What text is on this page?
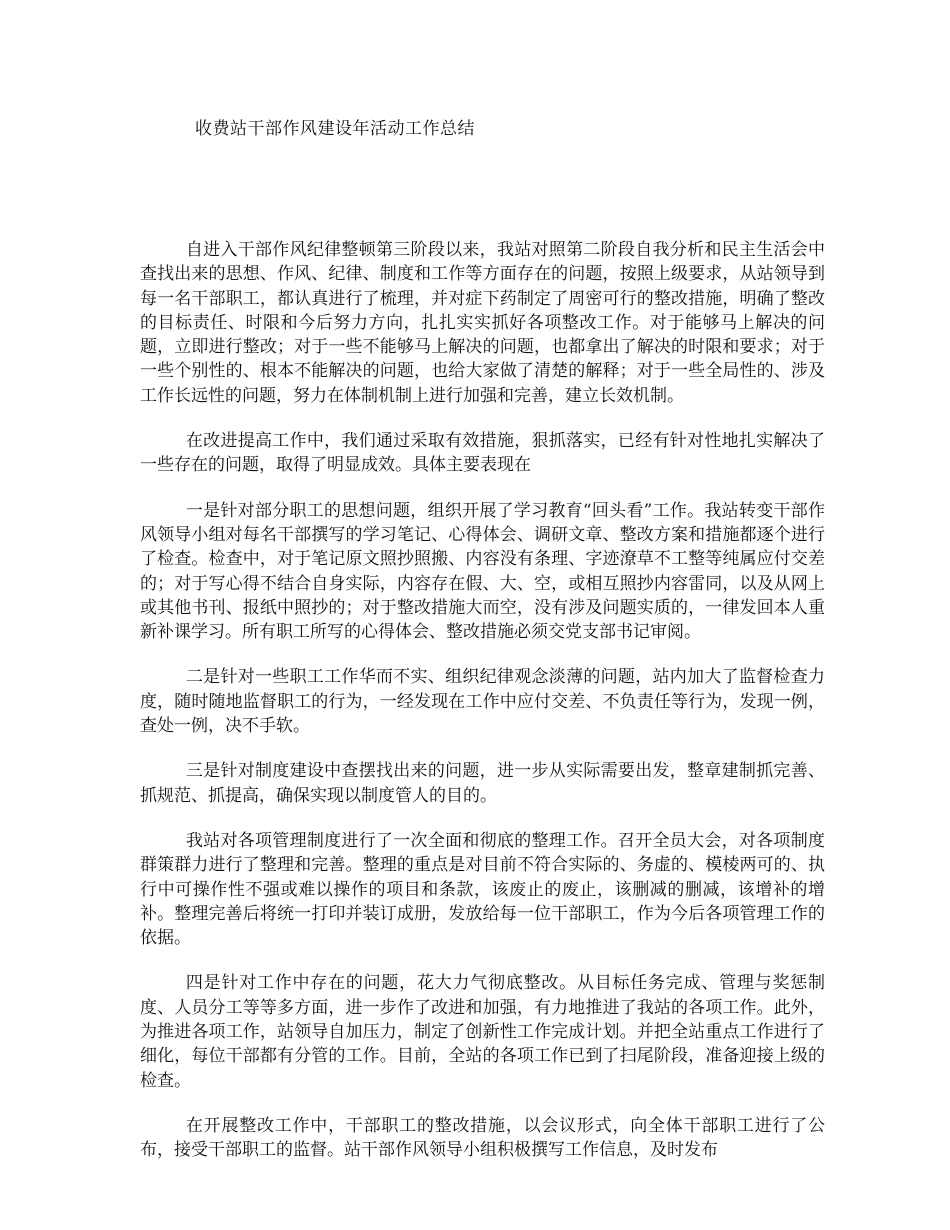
收费站干部作风建设年活动工作总结

自进入干部作风纪律整顿第三阶段以来，我站对照第二阶段自我分析和民主生活会中查找出来的思想、作风、纪律、制度和工作等方面存在的问题，按照上级要求，从站领导到每一名干部职工，都认真进行了梳理，并对症下药制定了周密可行的整改措施，明确了整改的目标责任、时限和今后努力方向，扎扎实实抓好各项整改工作。对于能够马上解决的问题，立即进行整改；对于一些不能够马上解决的问题，也都拿出了解决的时限和要求；对于一些个别性的、根本不能解决的问题，也给大家做了清楚的解释；对于一些全局性的、涉及工作长远性的问题，努力在体制机制上进行加强和完善，建立长效机制。

在改进提高工作中，我们通过采取有效措施，狠抓落实，已经有针对性地扎实解决了一些存在的问题，取得了明显成效。具体主要表现在

一是针对部分职工的思想问题，组织开展了学习教育“回头看”工作。我站转变干部作风领导小组对每名干部撰写的学习笔记、心得体会、调研文章、整改方案和措施都逐个进行了检查。检查中，对于笔记原文照抄照搬、内容没有条理、字迹潦草不工整等纯属应付交差的；对于写心得不结合自身实际，内容存在假、大、空，或相互照抄内容雷同，以及从网上或其他书刊、报纸中照抄的；对于整改措施大而空，没有涉及问题实质的，一律发回本人重新补课学习。所有职工所写的心得体会、整改措施必须交党支部书记审阅。

二是针对一些职工工作华而不实、组织纪律观念淡薄的问题，站内加大了监督检查力度，随时随地监督职工的行为，一经发现在工作中应付交差、不负责任等行为，发现一例，查处一例，决不手软。

三是针对制度建设中查摆找出来的问题，进一步从实际需要出发，整章建制抓完善、抓规范、抓提高，确保实现以制度管人的目的。

我站对各项管理制度进行了一次全面和彻底的整理工作。召开全员大会，对各项制度群策群力进行了整理和完善。整理的重点是对目前不符合实际的、务虚的、模棱两可的、执行中可操作性不强或难以操作的项目和条款，该废止的废止，该删减的删减，该增补的增补。整理完善后将统一打印并装订成册，发放给每一位干部职工，作为今后各项管理工作的依据。

四是针对工作中存在的问题，花大力气彻底整改。从目标任务完成、管理与奖惩制度、人员分工等等多方面，进一步作了改进和加强，有力地推进了我站的各项工作。此外，为推进各项工作，站领导自加压力，制定了创新性工作完成计划。并把全站重点工作进行了细化，每位干部都有分管的工作。目前，全站的各项工作已到了扫尾阶段，准备迎接上级的检查。

在开展整改工作中，干部职工的整改措施，以会议形式，向全体干部职工进行了公布，接受干部职工的监督。站干部作风领导小组积极撰写工作信息，及时发布
